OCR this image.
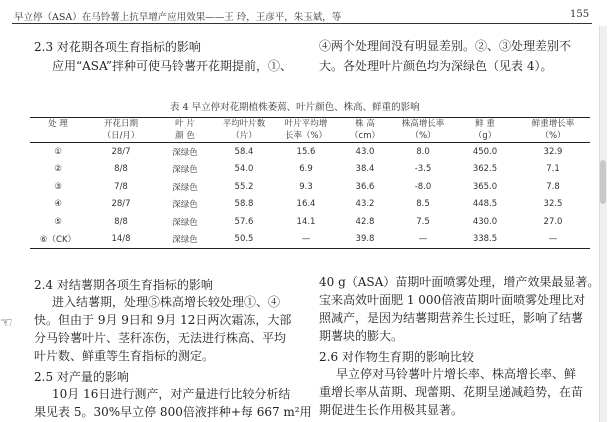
早立停（ASA）在马铃薯上抗旱增产应用效果——王 玲，王彦平，朱玉斌，等	155
2.3 对花期各项生育指标的影响
应用“ASA”拌种可使马铃薯开花期提前，①、
④两个处理间没有明显差别。②、③处理差别不
大。各处理叶片颜色均为深绿色（见表 4）。
表 4 早立停对花期植株萎蔫、叶片颜色、株高、鲜重的影响
处 理	开花日期	叶 片	平均叶片数	叶片平均增	株 高	株高增长率	鲜 重	鲜重增长率
	（日/月）	颜 色	（片）	长率（%）	（cm）	（%）	（g）	（%）
①	28/7	深绿色	58.4	15.6	43.0	8.0	450.0	32.9
②	8/8	深绿色	54.0	6.9	38.4	-3.5	362.5	7.1
③	7/8	深绿色	55.2	9.3	36.6	-8.0	365.0	7.8
④	28/7	深绿色	58.8	16.4	43.2	8.5	448.5	32.5
⑤	8/8	深绿色	57.6	14.1	42.8	7.5	430.0	27.0
⑥（CK）	14/8	深绿色	50.5	—	39.8	—	338.5	—
2.4 对结薯期各项生育指标的影响
进入结薯期，处理⑤株高增长较处理①、④
快。但由于 9月 9日和 9月 12日两次霜冻，大部
分马铃薯叶片、茎秆冻伤，无法进行株高、平均
叶片数、鲜重等生育指标的测定。
2.5 对产量的影响
10月 16日进行测产，对产量进行比较分析结
果见表 5。30%早立停 800倍液拌种+每 667 m²用
40 g（ASA）苗期叶面喷雾处理，增产效果最显著。
宝来高效叶面肥 1 000倍液苗期叶面喷雾处理比对
照减产，是因为结薯期营养生长过旺，影响了结薯
期薯块的膨大。
2.6 对作物生育期的影响比较
早立停对马铃薯叶片增长率、株高增长率、鲜
重增长率从苗期、现蕾期、花期呈递减趋势，在苗
期促进生长作用极其显著。
☜
